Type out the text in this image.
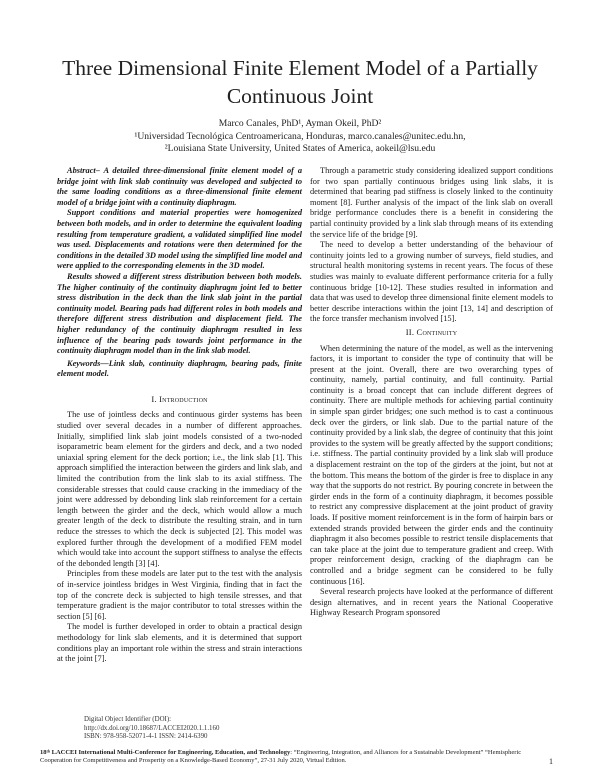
Three Dimensional Finite Element Model of a Partially Continuous Joint
Marco Canales, PhD¹, Ayman Okeil, PhD²
¹Universidad Tecnológica Centroamericana, Honduras, marco.canales@unitec.edu.hn,
²Louisiana State University, United States of America, aokeil@lsu.edu

Abstract– A detailed three-dimensional finite element model of a bridge joint with link slab continuity was developed and subjected to the same loading conditions as a three-dimensional finite element model of a bridge joint with a continuity diaphragm.

Support conditions and material properties were homogenized between both models, and in order to determine the equivalent loading resulting from temperature gradient, a validated simplified line model was used. Displacements and rotations were then determined for the conditions in the detailed 3D model using the simplified line model and were applied to the corresponding elements in the 3D model.

Results showed a different stress distribution between both models. The higher continuity of the continuity diaphragm joint led to better stress distribution in the deck than the link slab joint in the partial continuity model. Bearing pads had different roles in both models and therefore different stress distribution and displacement field. The higher redundancy of the continuity diaphragm resulted in less influence of the bearing pads towards joint performance in the continuity diaphragm model than in the link slab model.

Keywords—Link slab, continuity diaphragm, bearing pads, finite element model.

I. Introduction

The use of jointless decks and continuous girder systems has been studied over several decades in a number of different approaches. Initially, simplified link slab joint models consisted of a two-noded isoparametric beam element for the girders and deck, and a two noded uniaxial spring element for the deck portion; i.e., the link slab [1]. This approach simplified the interaction between the girders and link slab, and limited the contribution from the link slab to its axial stiffness. The considerable stresses that could cause cracking in the immediacy of the joint were addressed by debonding link slab reinforcement for a certain length between the girder and the deck, which would allow a much greater length of the deck to distribute the resulting strain, and in turn reduce the stresses to which the deck is subjected [2]. This model was explored further through the development of a modified FEM model which would take into account the support stiffness to analyse the effects of the debonded length [3] [4].

Principles from these models are later put to the test with the analysis of in-service jointless bridges in West Virginia, finding that in fact the top of the concrete deck is subjected to high tensile stresses, and that temperature gradient is the major contributor to total stresses within the section [5] [6].

The model is further developed in order to obtain a practical design methodology for link slab elements, and it is determined that support conditions play an important role within the stress and strain interactions at the joint [7].

Through a parametric study considering idealized support conditions for two span partially continuous bridges using link slabs, it is determined that bearing pad stiffness is closely linked to the continuity moment [8]. Further analysis of the impact of the link slab on overall bridge performance concludes there is a benefit in considering the partial continuity provided by a link slab through means of its extending the service life of the bridge [9].

The need to develop a better understanding of the behaviour of continuity joints led to a growing number of surveys, field studies, and structural health monitoring systems in recent years. The focus of these studies was mainly to evaluate different performance criteria for a fully continuous bridge [10-12]. These studies resulted in information and data that was used to develop three dimensional finite element models to better describe interactions within the joint [13, 14] and description of the force transfer mechanism involved [15].

II. Continuity

When determining the nature of the model, as well as the intervening factors, it is important to consider the type of continuity that will be present at the joint. Overall, there are two overarching types of continuity, namely, partial continuity, and full continuity. Partial continuity is a broad concept that can include different degrees of continuity. There are multiple methods for achieving partial continuity in simple span girder bridges; one such method is to cast a continuous deck over the girders, or link slab. Due to the partial nature of the continuity provided by a link slab, the degree of continuity that this joint provides to the system will be greatly affected by the support conditions; i.e. stiffness. The partial continuity provided by a link slab will produce a displacement restraint on the top of the girders at the joint, but not at the bottom. This means the bottom of the girder is free to displace in any way that the supports do not restrict. By pouring concrete in between the girder ends in the form of a continuity diaphragm, it becomes possible to restrict any compressive displacement at the joint product of gravity loads. If positive moment reinforcement is in the form of hairpin bars or extended strands provided between the girder ends and the continuity diaphragm it also becomes possible to restrict tensile displacements that can take place at the joint due to temperature gradient and creep. With proper reinforcement design, cracking of the diaphragm can be controlled and a bridge segment can be considered to be fully continuous [16].

Several research projects have looked at the performance of different design alternatives, and in recent years the National Cooperative Highway Research Program sponsored

Digital Object Identifier (DOI):
http://dx.doi.org/10.18687/LACCEI2020.1.1.160
ISBN: 978-958-52071-4-1 ISSN: 2414-6390
18ᵗʰ LACCEI International Multi-Conference for Engineering, Education, and Technology: “Engineering, Integration, and Alliances for a Sustainable Development” “Hemispheric Cooperation for Competitiveness and Prosperity on a Knowledge-Based Economy”, 27-31 July 2020, Virtual Edition.	1
